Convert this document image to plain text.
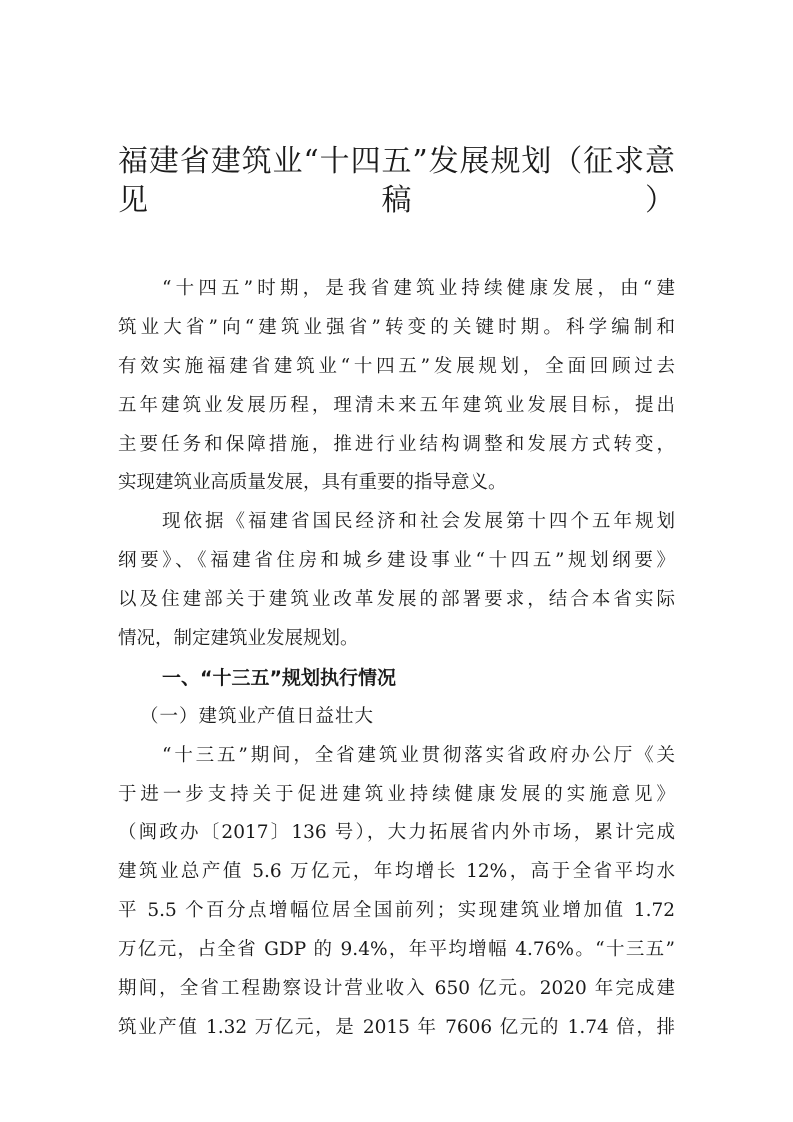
福建省建筑业“十四五”发展规划（征求意
见稿）
“十四五”时期，是我省建筑业持续健康发展，由“建
筑业大省”向“建筑业强省”转变的关键时期。科学编制和
有效实施福建省建筑业“十四五”发展规划，全面回顾过去
五年建筑业发展历程，理清未来五年建筑业发展目标，提出
主要任务和保障措施，推进行业结构调整和发展方式转变，
实现建筑业高质量发展，具有重要的指导意义。
现依据《福建省国民经济和社会发展第十四个五年规划
纲要》、《福建省住房和城乡建设事业“十四五”规划纲要》
以及住建部关于建筑业改革发展的部署要求，结合本省实际
情况，制定建筑业发展规划。
一、“十三五”规划执行情况
（一）建筑业产值日益壮大
“十三五”期间，全省建筑业贯彻落实省政府办公厅《关
于进一步支持关于促进建筑业持续健康发展的实施意见》
（闽政办〔2017〕136 号），大力拓展省内外市场，累计完成
建筑业总产值 5.6 万亿元，年均增长 12%，高于全省平均水
平 5.5 个百分点增幅位居全国前列；实现建筑业增加值 1.72
万亿元，占全省 GDP 的 9.4%，年平均增幅 4.76%。“十三五”
期间，全省工程勘察设计营业收入 650 亿元。2020 年完成建
筑业产值 1.32 万亿元，是 2015 年 7606 亿元的 1.74 倍，排
